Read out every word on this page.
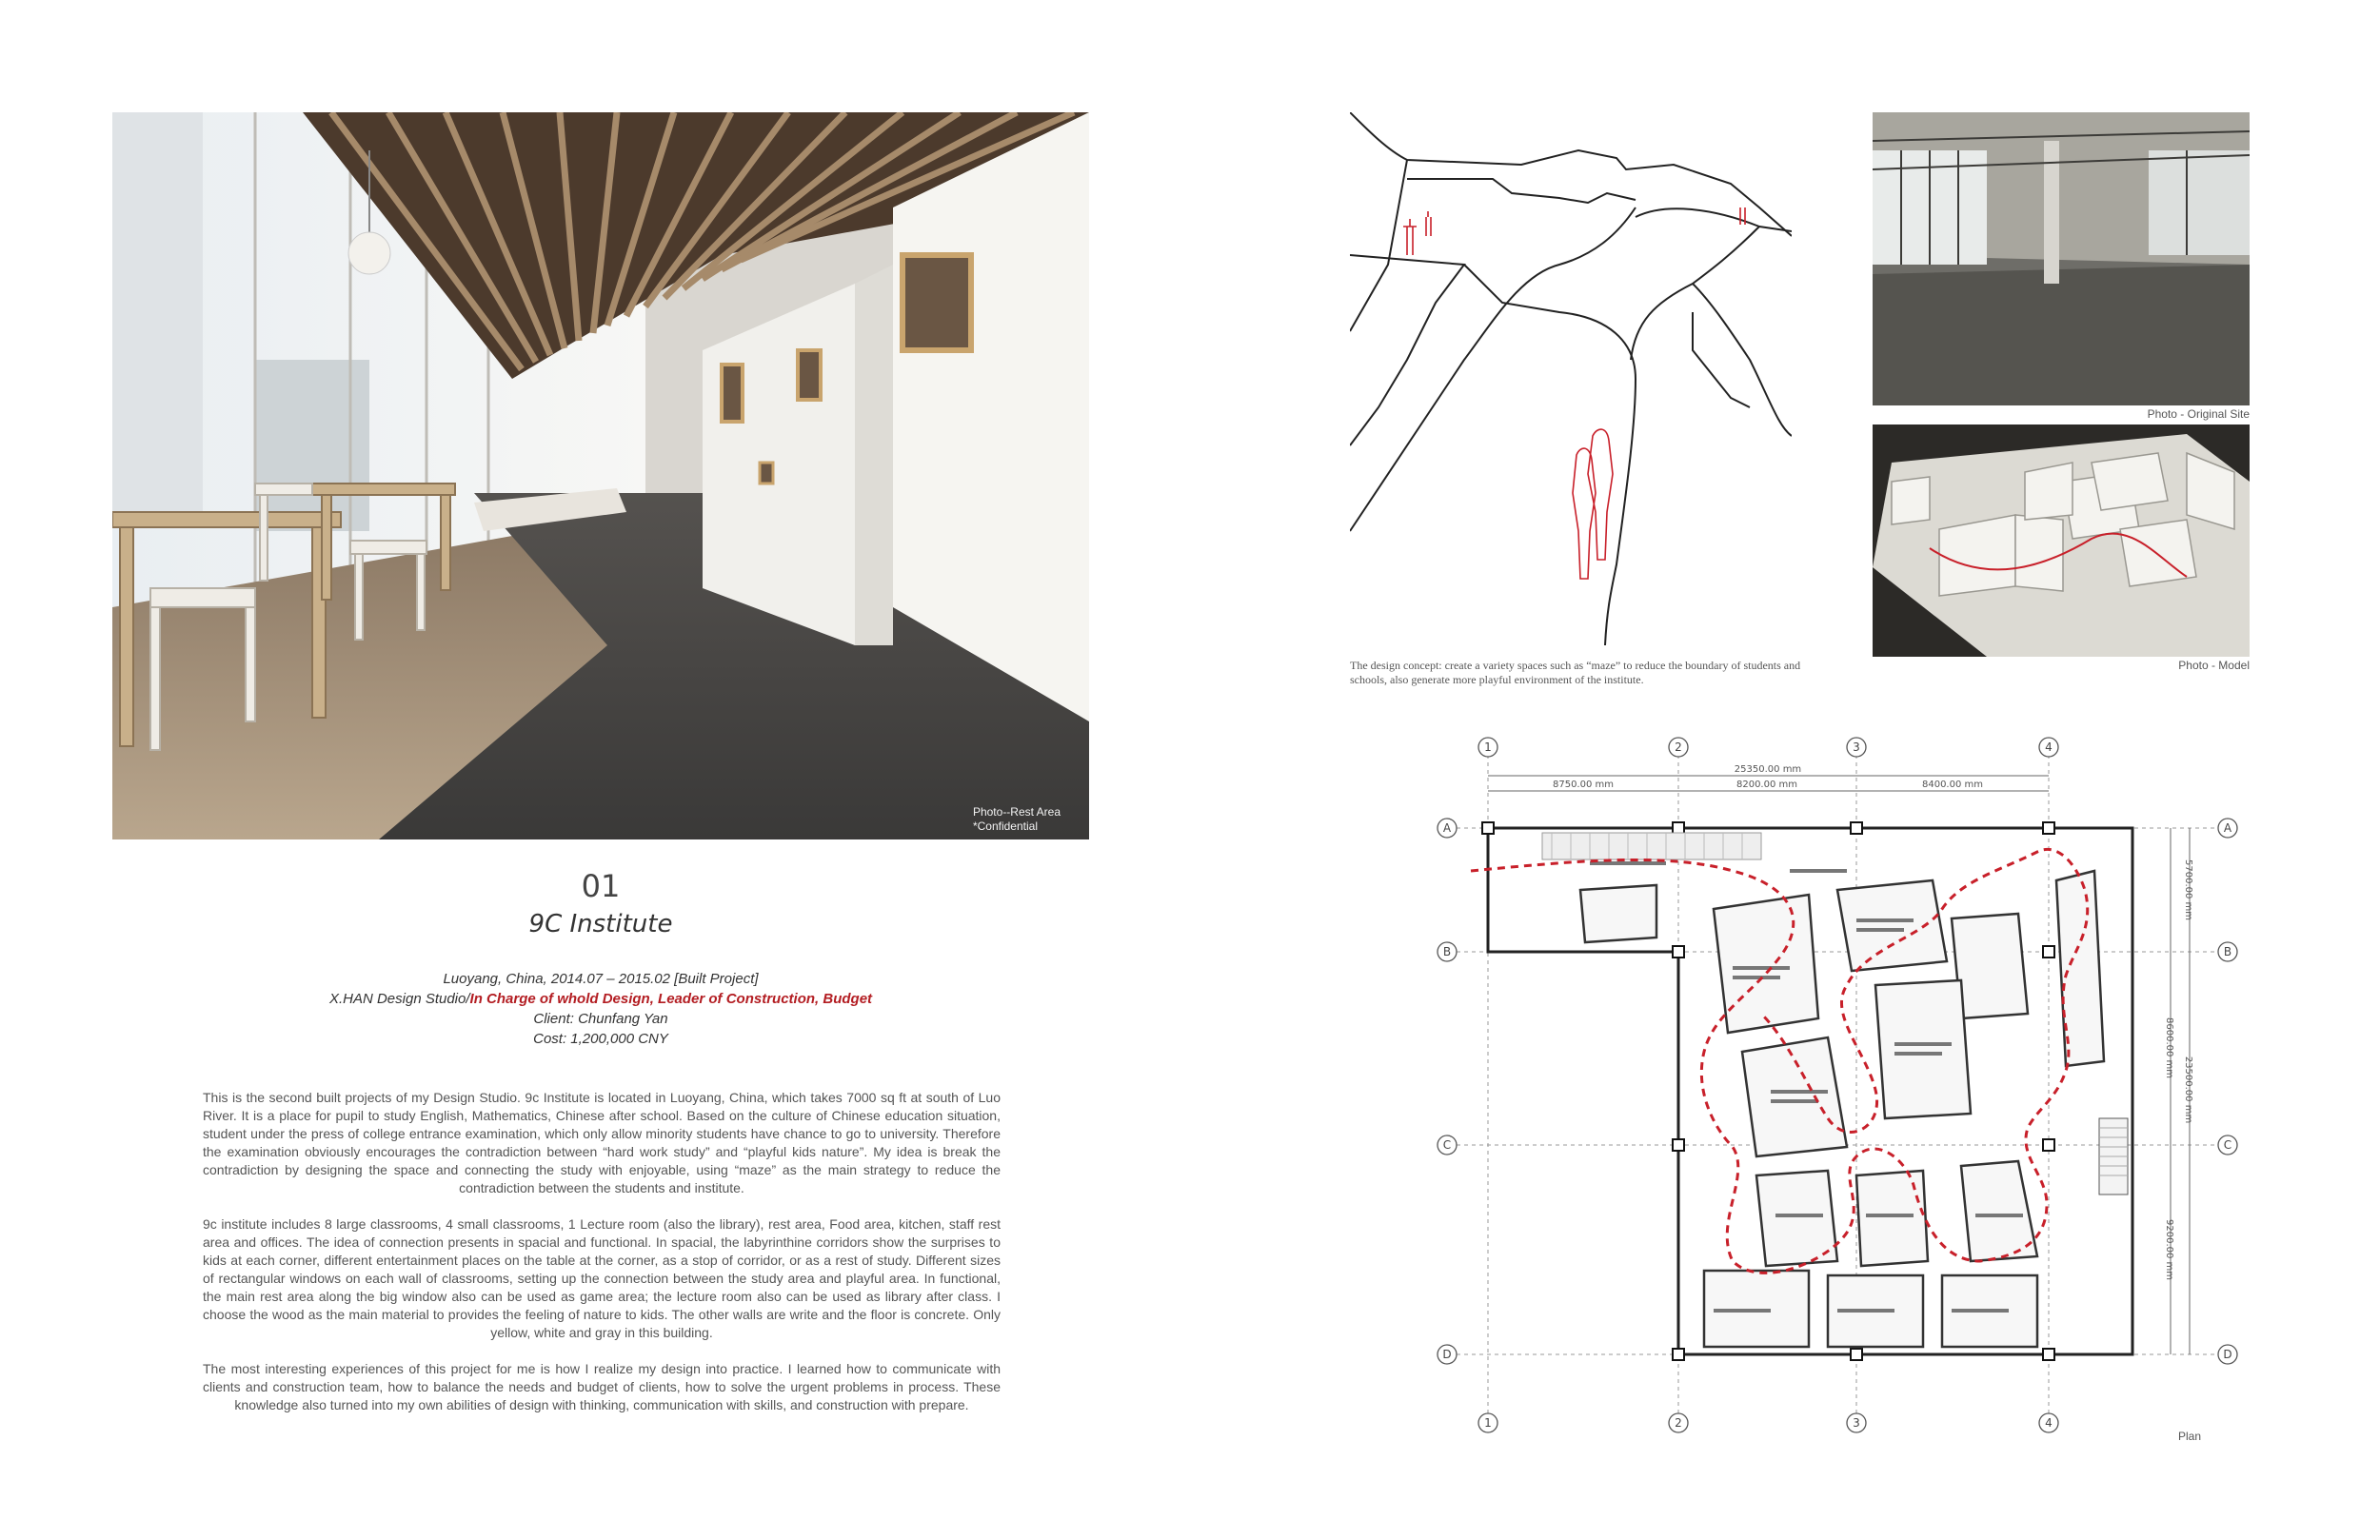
Photo--Rest Area
*Confidential
01
9C Institute
Luoyang, China, 2014.07 – 2015.02 [Built Project]
X.HAN Design Studio/In Charge of whold Design, Leader of Construction, Budget
Client: Chunfang Yan
Cost: 1,200,000 CNY

This is the second built projects of my Design Studio. 9c Institute is located in Luoyang, China, which takes 7000 sq ft at south of Luo River. It is a place for pupil to study English, Mathematics, Chinese after school. Based on the culture of Chinese education situation, student under the press of college entrance examination, which only allow minority students have chance to go to university. Therefore the examination obviously encourages the contradiction between “hard work study” and “playful kids nature”. My idea is break the contradiction by designing the space and connecting the study with enjoyable, using “maze” as the main strategy to reduce the contradiction between the students and institute.

9c institute includes 8 large classrooms, 4 small classrooms, 1 Lecture room (also the library), rest area, Food area, kitchen, staff rest area and offices. The idea of connection presents in spacial and functional. In spacial, the labyrinthine corridors show the surprises to kids at each corner, different entertainment places on the table at the corner, as a stop of corridor, or as a rest of study. Different sizes of rectangular windows on each wall of classrooms, setting up the connection between the study area and playful area. In functional, the main rest area along the big window also can be used as game area; the lecture room also can be used as library after class. I choose the wood as the main material to provides the feeling of nature to kids. The other walls are write and the floor is concrete. Only yellow, white and gray in this building.

The most interesting experiences of this project for me is how I realize my design into practice. I learned how to communicate with clients and construction team, how to balance the needs and budget of clients, how to solve the urgent problems in process. These knowledge also turned into my own abilities of design with thinking, communication with skills, and construction with prepare.

The design concept: create a variety spaces such as “maze” to reduce the boundary of students and schools, also generate more playful environment of the institute.
Photo - Original Site
Photo - Model
1	2	3	4
1	2	3	4
A
B
C
D
A
B
C
D
25350.00 mm
8750.00 mm	8200.00 mm	8400.00 mm
5700.00 mm
8600.00 mm
9200.00 mm
23500.00 mm
Plan
